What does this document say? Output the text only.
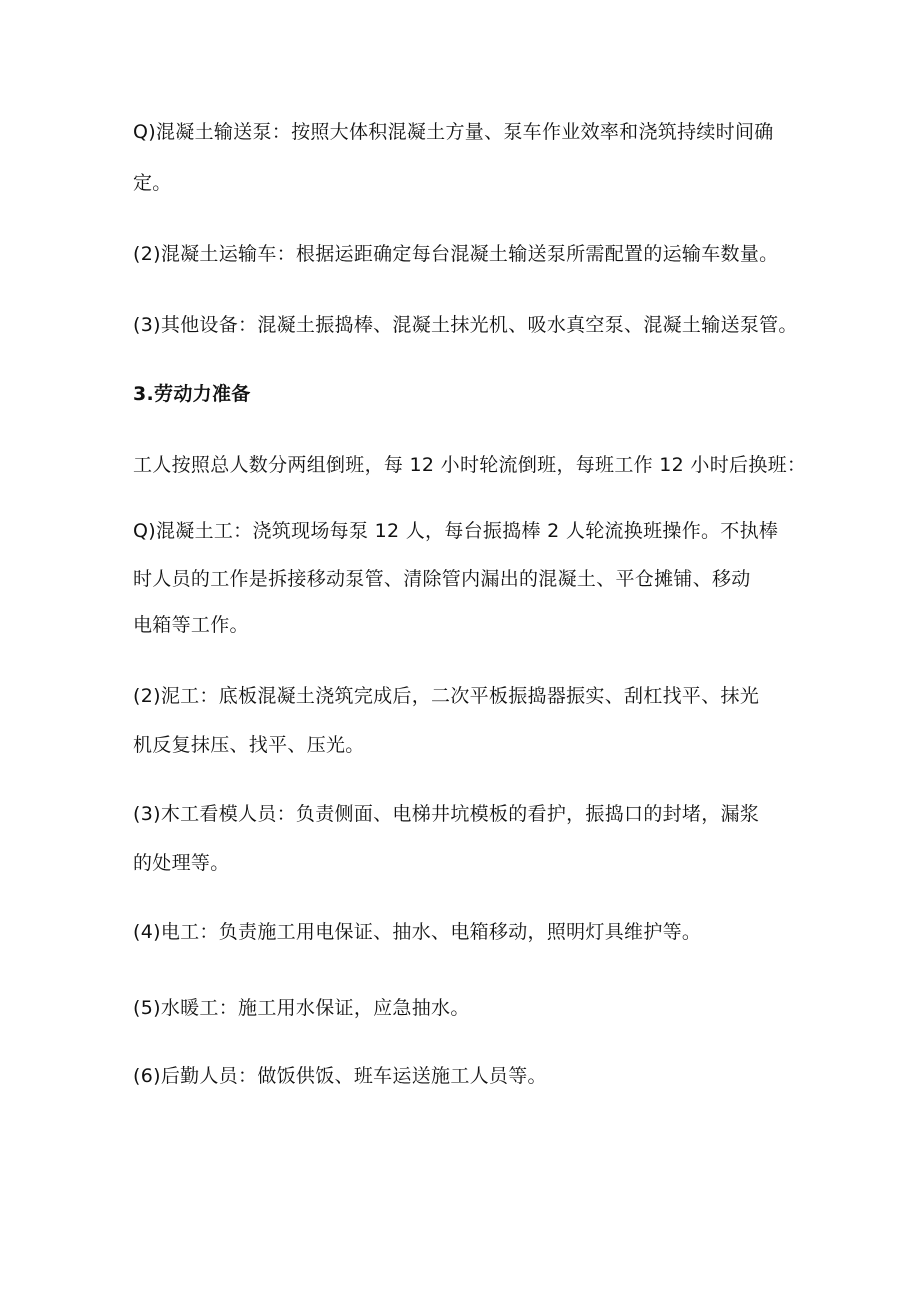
Q)混凝土输送泵：按照大体积混凝土方量、泵车作业效率和浇筑持续时间确
定。
(2)混凝土运输车：根据运距确定每台混凝土输送泵所需配置的运输车数量。
(3)其他设备：混凝土振捣棒、混凝土抹光机、吸水真空泵、混凝土输送泵管。
3.劳动力准备
工人按照总人数分两组倒班，每 12 小时轮流倒班，每班工作 12 小时后换班：
Q)混凝土工：浇筑现场每泵 12 人，每台振捣棒 2 人轮流换班操作。不执棒
时人员的工作是拆接移动泵管、清除管内漏出的混凝土、平仓摊铺、移动
电箱等工作。
(2)泥工：底板混凝土浇筑完成后，二次平板振捣器振实、刮杠找平、抹光
机反复抹压、找平、压光。
(3)木工看模人员：负责侧面、电梯井坑模板的看护，振捣口的封堵，漏浆
的处理等。
(4)电工：负责施工用电保证、抽水、电箱移动，照明灯具维护等。
(5)水暖工：施工用水保证，应急抽水。
(6)后勤人员：做饭供饭、班车运送施工人员等。
